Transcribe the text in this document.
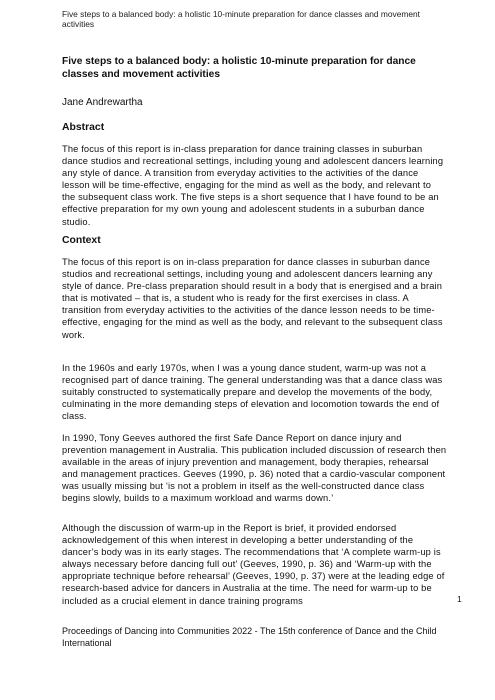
Five steps to a balanced body: a holistic 10-minute preparation for dance classes and movement activities
Five steps to a balanced body: a holistic 10-minute preparation for dance classes and movement activities
Jane Andrewartha
Abstract
The focus of this report is in-class preparation for dance training classes in suburban dance studios and recreational settings, including young and adolescent dancers learning any style of dance. A transition from everyday activities to the activities of the dance lesson will be time-effective, engaging for the mind as well as the body, and relevant to the subsequent class work. The five steps is a short sequence that I have found to be an effective preparation for my own young and adolescent students in a suburban dance studio.
Context
The focus of this report is on in-class preparation for dance classes in suburban dance studios and recreational settings, including young and adolescent dancers learning any style of dance. Pre-class preparation should result in a body that is energised and a brain that is motivated – that is, a student who is ready for the first exercises in class. A transition from everyday activities to the activities of the dance lesson needs to be time-effective, engaging for the mind as well as the body, and relevant to the subsequent class work.
In the 1960s and early 1970s, when I was a young dance student, warm-up was not a recognised part of dance training. The general understanding was that a dance class was suitably constructed to systematically prepare and develop the movements of the body, culminating in the more demanding steps of elevation and locomotion towards the end of class.
In 1990, Tony Geeves authored the first Safe Dance Report on dance injury and prevention management in Australia. This publication included discussion of research then available in the areas of injury prevention and management, body therapies, rehearsal and management practices. Geeves (1990, p. 36) noted that a cardio-vascular component was usually missing but ‘is not a problem in itself as the well-constructed dance class begins slowly, builds to a maximum workload and warms down.’
Although the discussion of warm-up in the Report is brief, it provided endorsed acknowledgement of this when interest in developing a better understanding of the dancer’s body was in its early stages. The recommendations that ‘A complete warm-up is always necessary before dancing full out’ (Geeves, 1990, p. 36) and ‘Warm-up with the appropriate technique before rehearsal’ (Geeves, 1990, p. 37) were at the leading edge of research-based advice for dancers in Australia at the time. The need for warm-up to be included as a crucial element in dance training programs	1
Proceedings of Dancing into Communities 2022 - The 15th conference of Dance and the Child International
